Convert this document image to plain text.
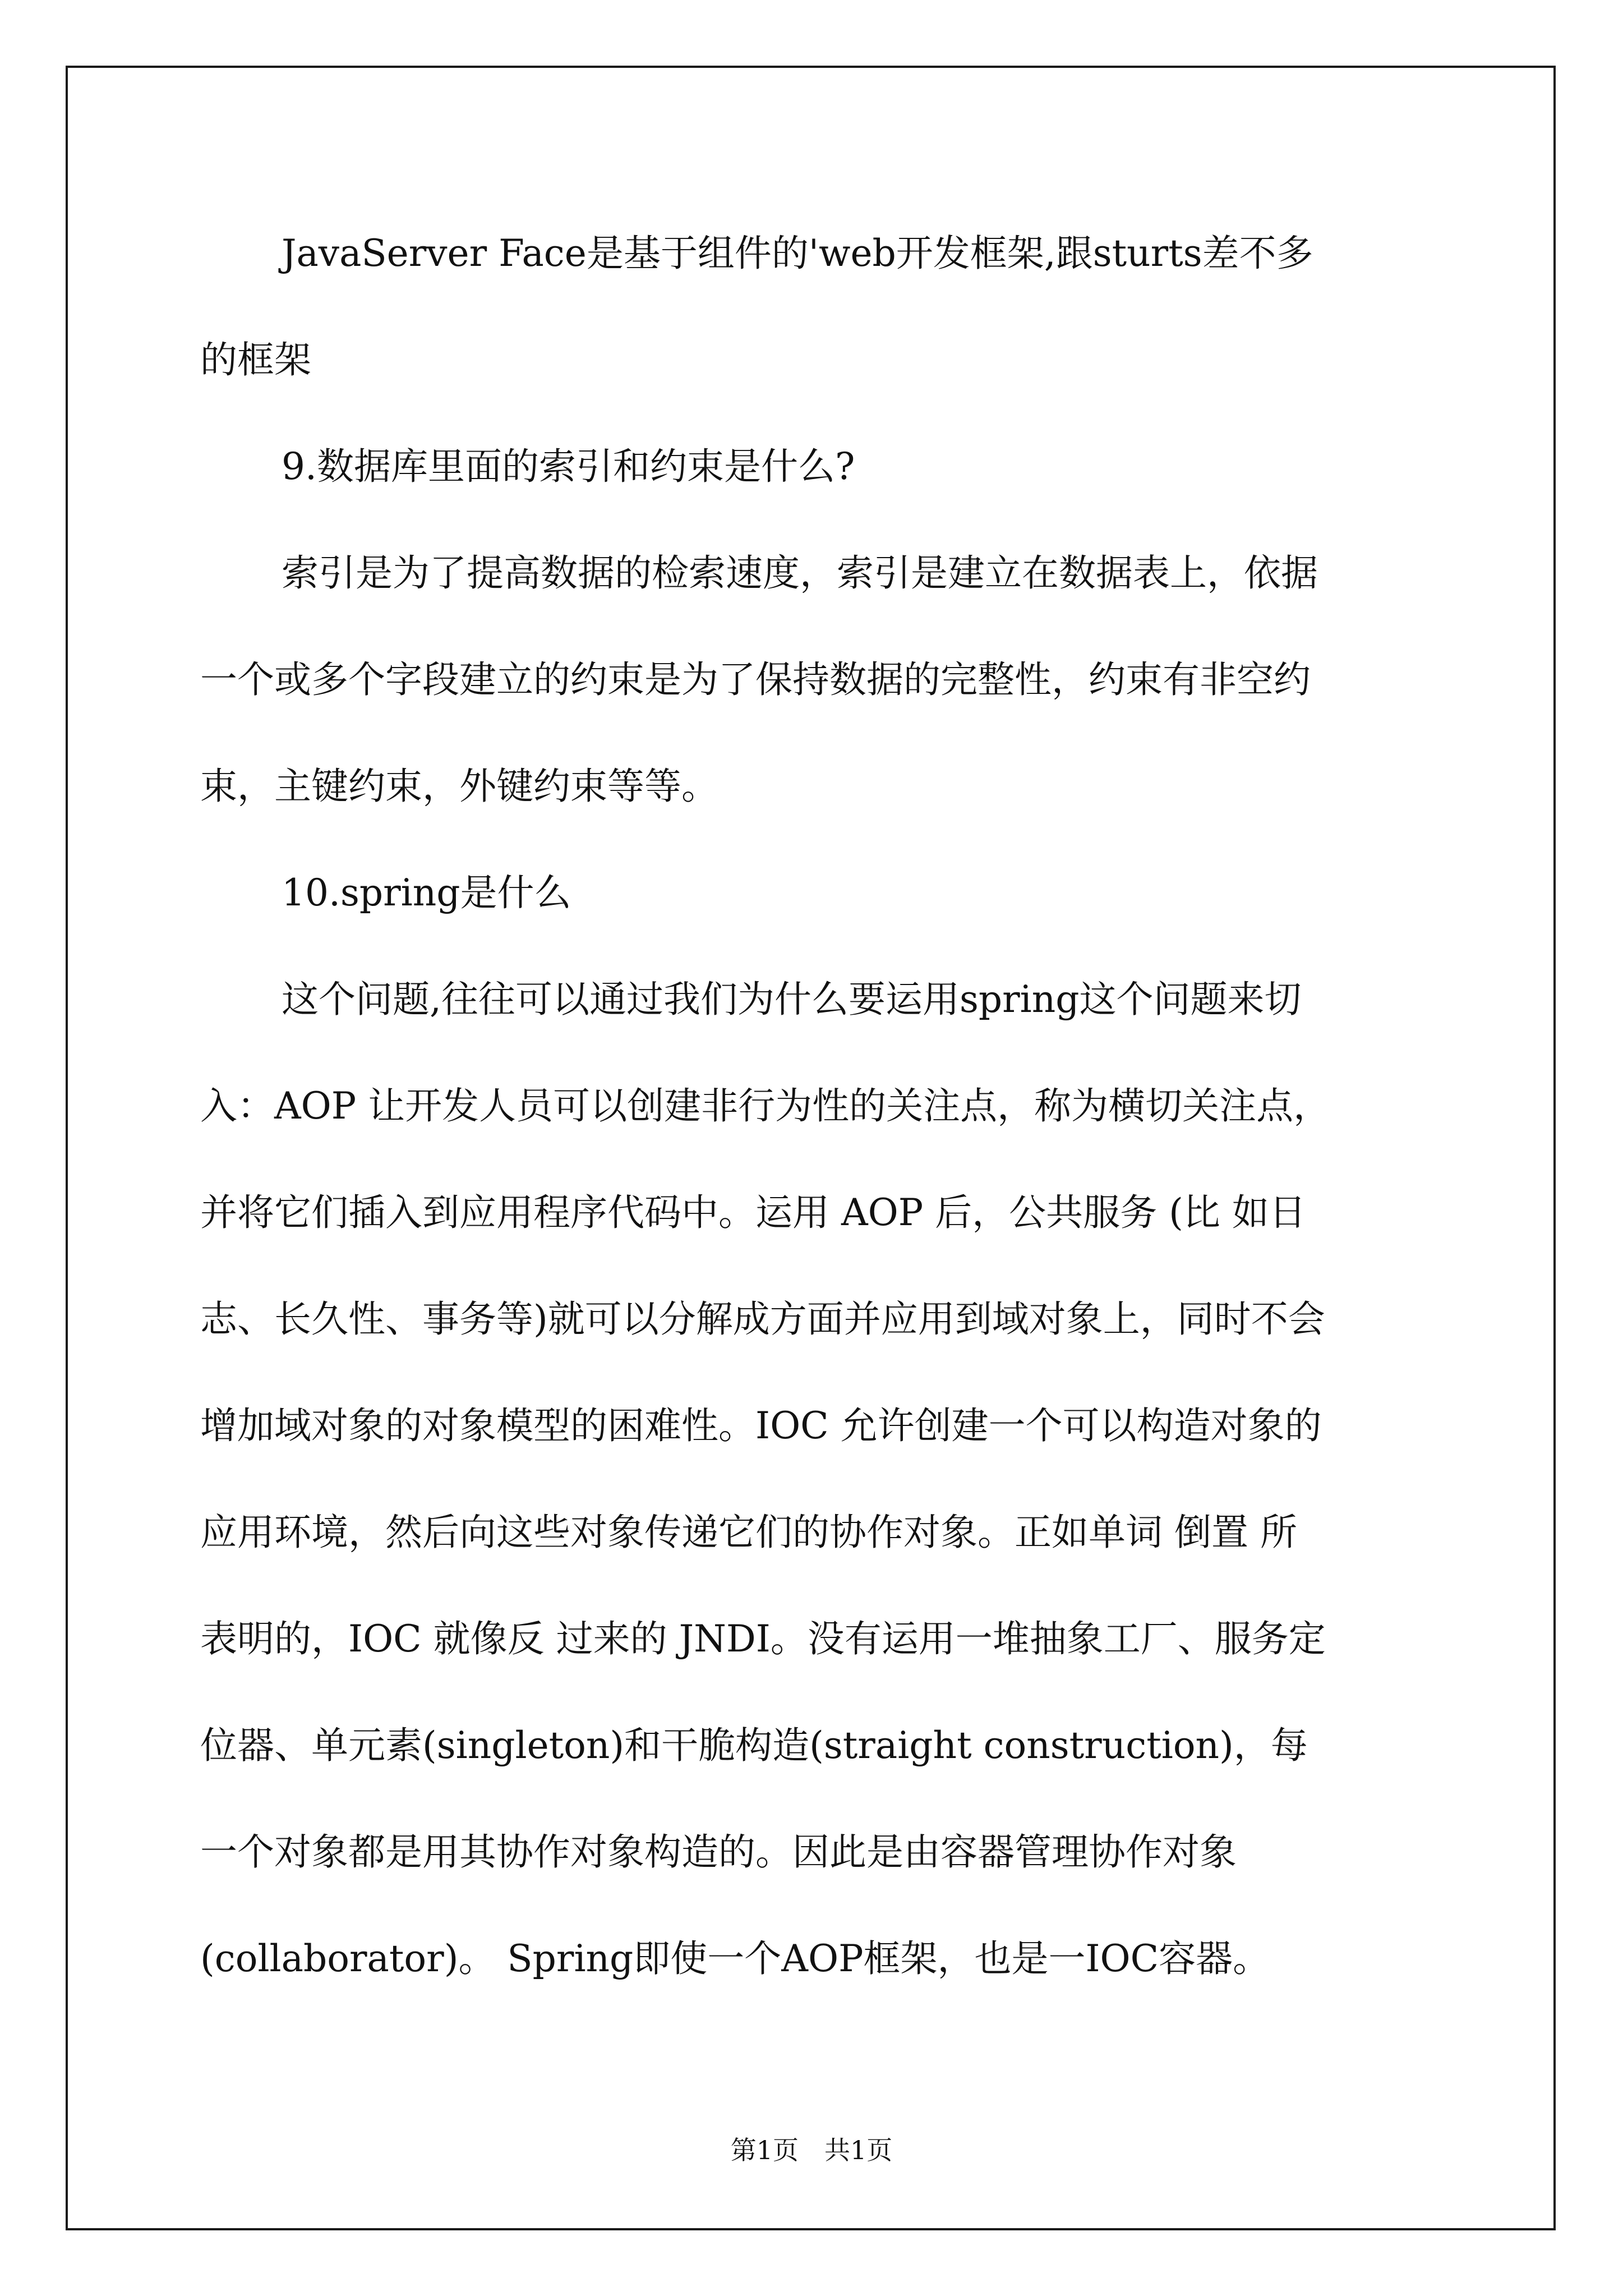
JavaServer Face是基于组件的'web开发框架,跟sturts差不多
的框架
9.数据库里面的索引和约束是什么?
索引是为了提高数据的检索速度，索引是建立在数据表上，依据
一个或多个字段建立的约束是为了保持数据的完整性，约束有非空约
束，主键约束，外键约束等等。
10.spring是什么
这个问题,往往可以通过我们为什么要运用spring这个问题来切
入：AOP 让开发人员可以创建非行为性的关注点，称为横切关注点，
并将它们插入到应用程序代码中。运用 AOP 后，公共服务 (比 如日
志、长久性、事务等)就可以分解成方面并应用到域对象上，同时不会
增加域对象的对象模型的困难性。IOC 允许创建一个可以构造对象的
应用环境，然后向这些对象传递它们的协作对象。正如单词 倒置 所
表明的，IOC 就像反 过来的 JNDI。没有运用一堆抽象工厂、服务定
位器、单元素(singleton)和干脆构造(straight construction)，每
一个对象都是用其协作对象构造的。因此是由容器管理协作对象
(collaborator)。 Spring即使一个AOP框架，也是一IOC容器。
第1页　共1页
